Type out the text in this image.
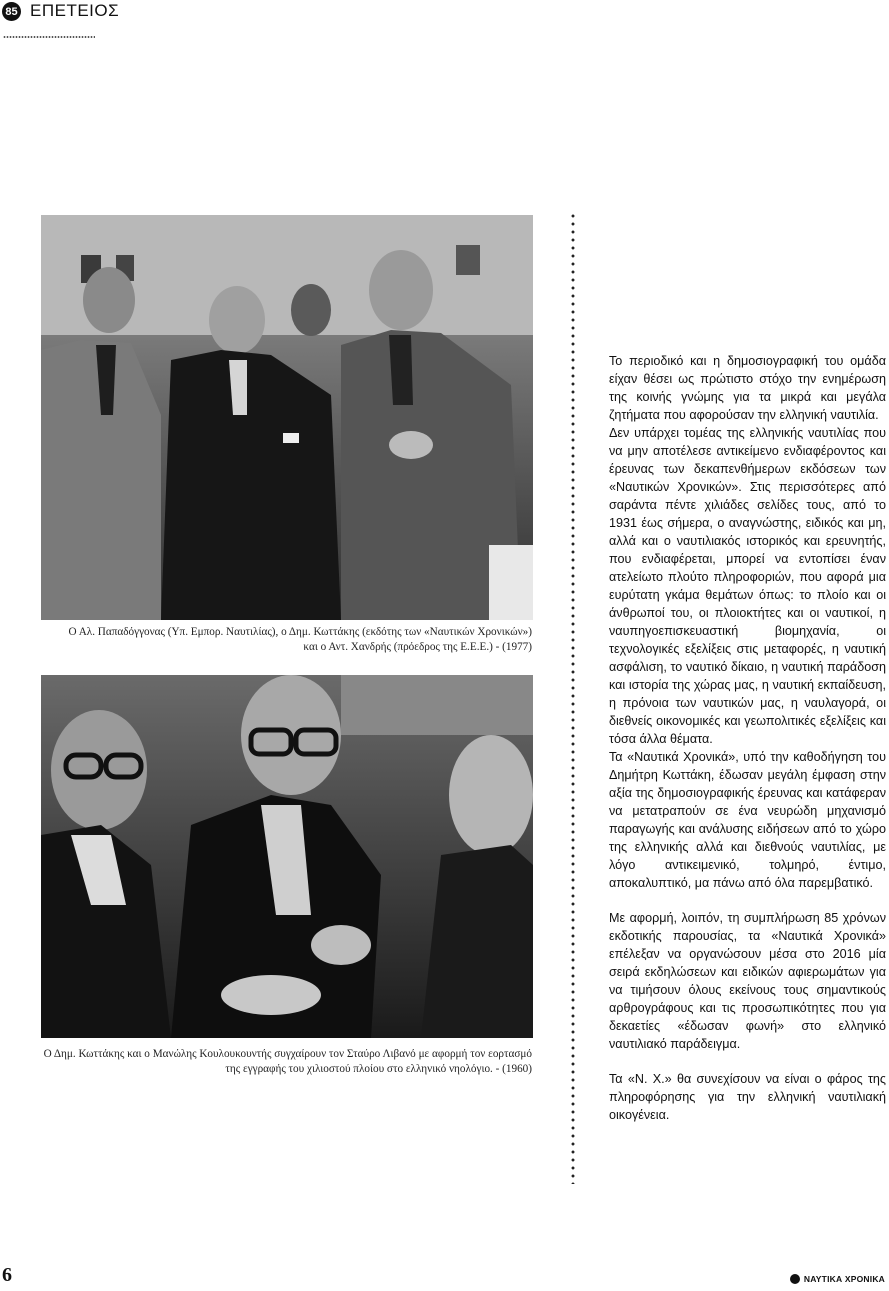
85 ΕΠΕΤΕΙΟΣ
Ο Αλ. Παπαδόγγονας (Υπ. Εμπορ. Ναυτιλίας), ο Δημ. Κωττάκης (εκδότης των «Ναυτικών Χρονικών») και ο Αντ. Χανδρής (πρόεδρος της Ε.Ε.Ε.) - (1977)
Ο Δημ. Κωττάκης και ο Μανώλης Κουλουκουντής συγχαίρουν τον Σταύρο Λιβανό με αφορμή τον εορτασμό της εγγραφής του χιλιοστού πλοίου στο ελληνικό νηολόγιο. - (1960)

Το περιοδικό και η δημοσιογραφική του ομάδα είχαν θέσει ως πρώτιστο στόχο την ενημέρωση της κοινής γνώμης για τα μικρά και μεγάλα ζητήματα που αφορούσαν την ελληνική ναυτιλία.

Δεν υπάρχει τομέας της ελληνικής ναυτιλίας που να μην αποτέλεσε αντικείμενο ενδιαφέροντος και έρευνας των δεκαπενθήμερων εκδόσεων των «Ναυτικών Χρονικών». Στις περισσότερες από σαράντα πέντε χιλιάδες σελίδες τους, από το 1931 έως σήμερα, ο αναγνώστης, ειδικός και μη, αλλά και ο ναυτιλιακός ιστορικός και ερευνητής, που ενδιαφέρεται, μπορεί να εντοπίσει έναν ατελείωτο πλούτο πληροφοριών, που αφορά μια ευρύτατη γκάμα θεμάτων όπως: το πλοίο και οι άνθρωποί του, οι πλοιοκτήτες και οι ναυτικοί, η ναυπηγοεπισκευαστική βιομηχανία, οι τεχνολογικές εξελίξεις στις μεταφορές, η ναυτική ασφάλιση, το ναυτικό δίκαιο, η ναυτική παράδοση και ιστορία της χώρας μας, η ναυτική εκπαίδευση, η πρόνοια των ναυτικών μας, η ναυλαγορά, οι διεθνείς οικονομικές και γεωπολιτικές εξελίξεις και τόσα άλλα θέματα.

Τα «Ναυτικά Χρονικά», υπό την καθοδήγηση του Δημήτρη Κωττάκη, έδωσαν μεγάλη έμφαση στην αξία της δημοσιογραφικής έρευνας και κατάφεραν να μετατραπούν σε ένα νευρώδη μηχανισμό παραγωγής και ανάλυσης ειδήσεων από το χώρο της ελληνικής αλλά και διεθνούς ναυτιλίας, με λόγο αντικειμενικό, τολμηρό, έντιμο, αποκαλυπτικό, μα πάνω από όλα παρεμβατικό.

Με αφορμή, λοιπόν, τη συμπλήρωση 85 χρόνων εκδοτικής παρουσίας, τα «Ναυτικά Χρονικά» επέλεξαν να οργανώσουν μέσα στο 2016 μία σειρά εκδηλώσεων και ειδικών αφιερωμάτων για να τιμήσουν όλους εκείνους τους σημαντικούς αρθρογράφους και τις προσωπικότητες που για δεκαετίες «έδωσαν φωνή» στο ελληνικό ναυτιλιακό παράδειγμα.

Τα «Ν. Χ.» θα συνεχίσουν να είναι ο φάρος της πληροφόρησης για την ελληνική ναυτιλιακή οικογένεια.

6	ΝΑΥΤΙΚΑ ΧΡΟΝΙΚΑ
